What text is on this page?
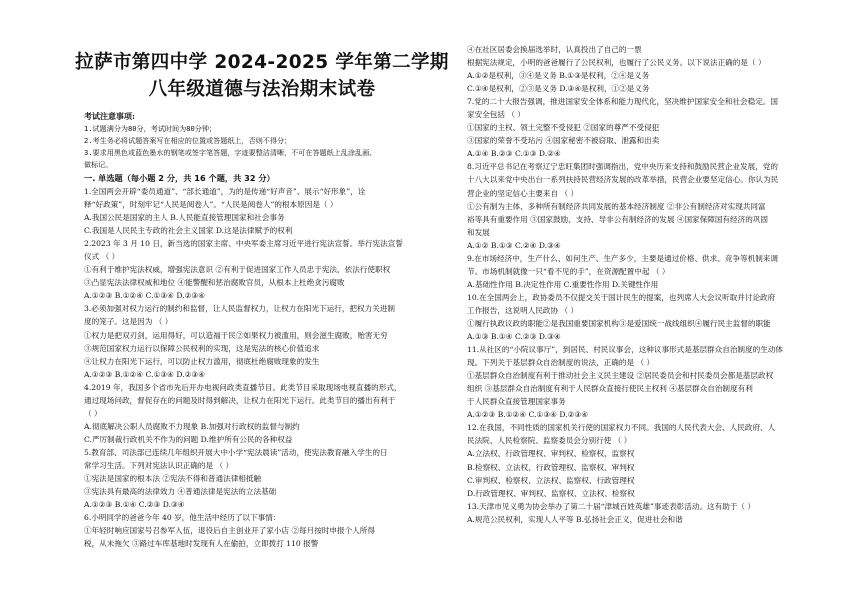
拉萨市第四中学 2024-2025 学年第二学期
八年级道德与法治期末试卷
考试注意事项:
1.试题满分为80分，考试时间为80分钟；
2.考生务必将试题答案写在相应的位置或答题纸上，否则不得分；
3.要求用黑色或蓝色墨水的钢笔或签字笔答题，字迹要整洁清晰，不可在答题纸上乱涂乱画、
做标记。
一. 单选题（每小题 2 分，共 16 个题，共 32 分）
1.全国两会开辟“委员通道”、“部长通道”，为的是传递“好声音”、展示“好形象”，诠
释“好政策”，时刻牢记“人民是阅卷人”。“人民是阅卷人”的根本原因是（ ）
A.我国公民是国家的主人 B.人民能直接管理国家和社会事务
C.我国是人民民主专政的社会主义国家 D.这是法律赋予的权利
2.2023 年 3 月 10 日，新当选的国家主席、中央军委主席习近平进行宪法宣誓。举行宪法宣誓
仪式 （ ）
①有利于维护宪法权威，增强宪法意识 ②有利于促进国家工作人员忠于宪法，依法行使职权
③凸显宪法法律权威和地位 ④能警醒和惩治腐败官员，从根本上杜绝贪污腐败
A.①②③ B.①②④ C.①③④ D.②③④
3.必须加强对权力运行的制约和监督，让人民监督权力，让权力在阳光下运行，把权力关进制
度的笼子。这是因为 （ ）
①权力是把双刃剑，运用得好，可以造福于民②如果权力被滥用，则会滋生腐败，贻害无穷
③规范国家权力运行以保障公民权利的实现，这是宪法的核心价值追求
④让权力在阳光下运行，可以防止权力滥用，彻底杜绝腐败现象的发生
A.①②③ B.①②④ C.①③④ D.②③④
4.2019 年，我国多个省市先后开办电视问政类直播节目。此类节目采取现场电视直播的形式，
通过现场问政，督促存在的问题及时得到解决，让权力在阳光下运行。此类节目的播出有利于
（ ）
A.彻底解决公职人员腐败不力现象 B.加强对行政权的监督与制约
C.严厉制裁行政机关不作为的问题 D.维护所有公民的各种权益
5.教育部、司法部已连续几年组织开展大中小学“宪法晨读”活动，使宪法教育融入学生的日
常学习生活。下列对宪法认识正确的是 （ ）
①宪法是国家的根本法 ②宪法不得和普通法律相抵触
③宪法具有最高的法律效力 ④普通法律是宪法的立法基础
A.①②③ B.①④ C.②③ D.③④
6.小明同学的爸爸今年 40 岁，他生活中经历了以下事情：
①年轻时响应国家号召参军入伍，退役后自主创业开了家小店 ②每月按时申报个人所得
税，从未拖欠 ③路过车库基地时发现有人在偷拍，立即拨打 110 报警
④在社区居委会换届选举时，认真投出了自己的一票
根据宪法规定，小明的爸爸履行了公民权利，也履行了公民义务。以下说法正确的是（ ）
A.①②是权利，③④是义务 B.①③是权利，②④是义务
C.①④是权利，②③是义务 D.③④是权利，①②是义务
7.党的二十大报告强调，推进国家安全体系和能力现代化，坚决维护国家安全和社会稳定。国
家安全包括 （ ）
①国家的主权、领土完整不受侵犯 ②国家的尊严不受侵犯
③国家的荣誉不受玷污 ④国家秘密不被窃取、泄露和出卖
A.①④ B.②③ C.①③ D.②④
8.习近平总书记在考察辽宁忠旺集团时强调指出，党中央历来支持和鼓励民营企业发展，党的
十八大以来党中央出台一系列扶持民营经济发展的改革举措，民营企业要坚定信心。你认为民
营企业的坚定信心主要来自 （ ）
①公有制为主体、多种所有制经济共同发展的基本经济制度 ②非公有制经济对实现共同富
裕等具有重要作用 ③国家鼓励、支持、导非公有制经济的发展 ④国家保障国有经济的巩固
和发展
A.①② B.①③ C.②④ D.③④
9.在市场经济中，生产什么、如何生产、生产多少，主要是通过价格、供求、竞争等机制来调
节。市场机制就像一只“看不见的手”，在资源配置中起 （ ）
A.基础性作用 B.决定性作用 C.重要性作用 D.关键性作用
10.在全国两会上，政协委员不仅提交关于国计民生的提案，也列席人大会议听取并讨论政府
工作报告，这说明人民政协 （ ）
①履行执政议政的职能②是我国重要国家机构③是爱国统一战线组织④履行民主监督的职能
A.①③ B.①④ C.②③ D.③④
11.从社区的“小院议事厅”，到居民、村民议事会，这种议事形式是基层群众自治制度的生动体
现。下列关于基层群众自治制度的说法，正确的是 （ ）
①基层群众自治制度有利于推动社会主义民主建设 ②居民委员会和村民委员会都是基层政权
组织 ③基层群众自治制度有利于人民群众直接行使民主权利 ④基层群众自治制度有利
于人民群众直接管理国家事务
A.①②③ B.①②④ C.①③④ D.②③④
12.在我国，不同性质的国家机关行使的国家权力不同。我国的人民代表大会、人民政府、人
民法院、人民检察院、监察委员会分别行使 （ ）
A.立法权、行政管理权、审判权、检察权、监察权
B.检察权、立法权、行政管理权、监察权、审判权
C.审判权、检察权、立法权、监察权、行政管理权
D.行政管理权、审判权、监察权、立法权、检察权
13.天津市见义勇为协会举办了第二十届“津城百姓英雄”事迹表彰活动。这有助于（ ）
A.规范公民权利，实现人人平等 B.弘扬社会正义，促进社会和谐
